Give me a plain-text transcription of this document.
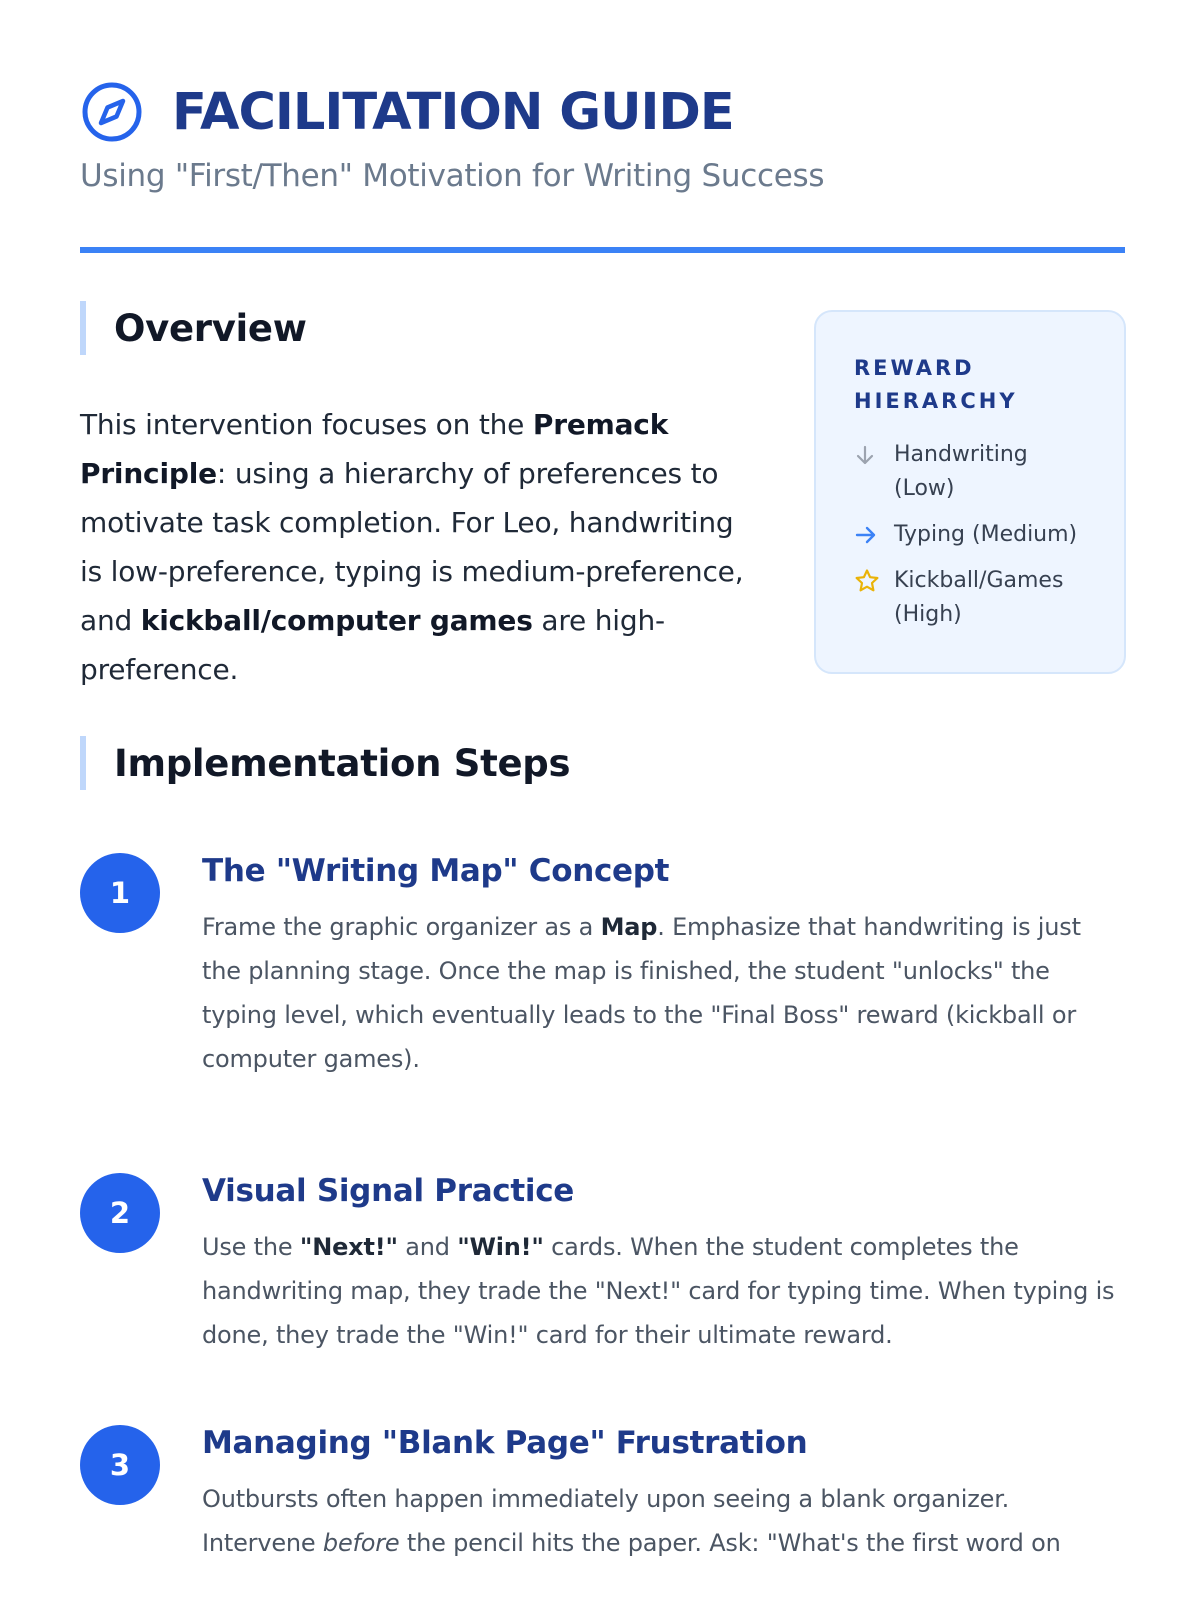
FACILITATION GUIDE
Using "First/Then" Motivation for Writing Success
Overview

This intervention focuses on the Premack Principle: using a hierarchy of preferences to motivate task completion. For Leo, handwriting is low-preference, typing is medium-preference, and kickball/computer games are high-preference.

REWARD HIERARCHY
Handwriting (Low)
Typing (Medium)
Kickball/Games (High)
Implementation Steps
1
The "Writing Map" Concept

Frame the graphic organizer as a Map. Emphasize that handwriting is just the planning stage. Once the map is finished, the student "unlocks" the typing level, which eventually leads to the "Final Boss" reward (kickball or computer games).

2
Visual Signal Practice

Use the "Next!" and "Win!" cards. When the student completes the handwriting map, they trade the "Next!" card for typing time. When typing is done, they trade the "Win!" card for their ultimate reward.

3
Managing "Blank Page" Frustration

Outbursts often happen immediately upon seeing a blank organizer. Intervene before the pencil hits the paper. Ask: "What's the first word on
